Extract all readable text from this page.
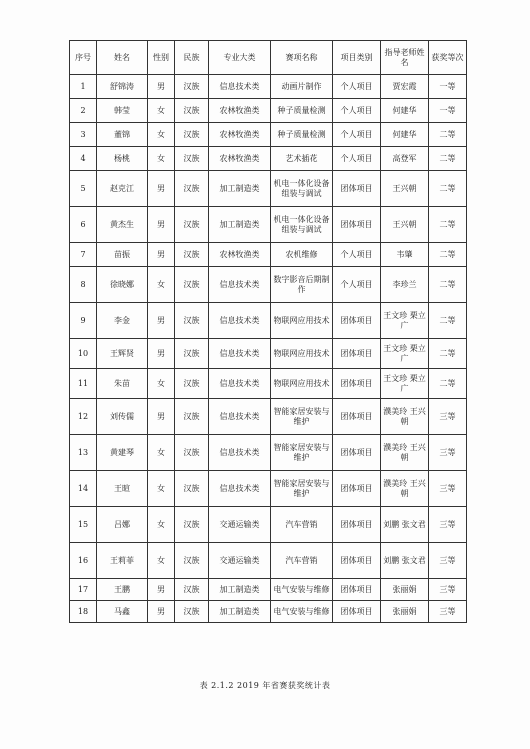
序号	姓名	性别	民族	专业大类	赛项名称	项目类别	指导老师姓名	获奖等次
1	舒锦涛	男	汉族	信息技术类	动画片制作	个人项目	贾宏霞	一等
2	韩莹	女	汉族	农林牧渔类	种子质量检测	个人项目	何建华	一等
3	董锦	女	汉族	农林牧渔类	种子质量检测	个人项目	何建华	二等
4	杨桃	女	汉族	农林牧渔类	艺术插花	个人项目	高登军	二等
5	赵克江	男	汉族	加工制造类	机电一体化设备组装与调试	团体项目	王兴朝	二等
6	黄杰生	男	汉族	加工制造类	机电一体化设备组装与调试	团体项目	王兴朝	二等
7	苗振	男	汉族	农林牧渔类	农机维修	个人项目	韦肇	二等
8	徐晓娜	女	汉族	信息技术类	数字影音后期制作	个人项目	李珍兰	二等
9	李金	男	汉族	信息技术类	物联网应用技术	团体项目	王文珍 栗立广	二等
10	王辉贤	男	汉族	信息技术类	物联网应用技术	团体项目	王文珍 栗立广	二等
11	朱苗	女	汉族	信息技术类	物联网应用技术	团体项目	王文珍 栗立广	二等
12	刘传儒	男	汉族	信息技术类	智能家居安装与维护	团体项目	濮美玲 王兴朝	三等
13	黄建琴	女	汉族	信息技术类	智能家居安装与维护	团体项目	濮美玲 王兴朝	三等
14	王暄	女	汉族	信息技术类	智能家居安装与维护	团体项目	濮美玲 王兴朝	三等
15	吕娜	女	汉族	交通运输类	汽车营销	团体项目	刘鹏 张文君	三等
16	王莉菲	女	汉族	交通运输类	汽车营销	团体项目	刘鹏 张文君	三等
17	王鹏	男	汉族	加工制造类	电气安装与维修	团体项目	张丽娟	三等
18	马鑫	男	汉族	加工制造类	电气安装与维修	团体项目	张丽娟	三等
表 2.1.2 2019 年省赛获奖统计表
